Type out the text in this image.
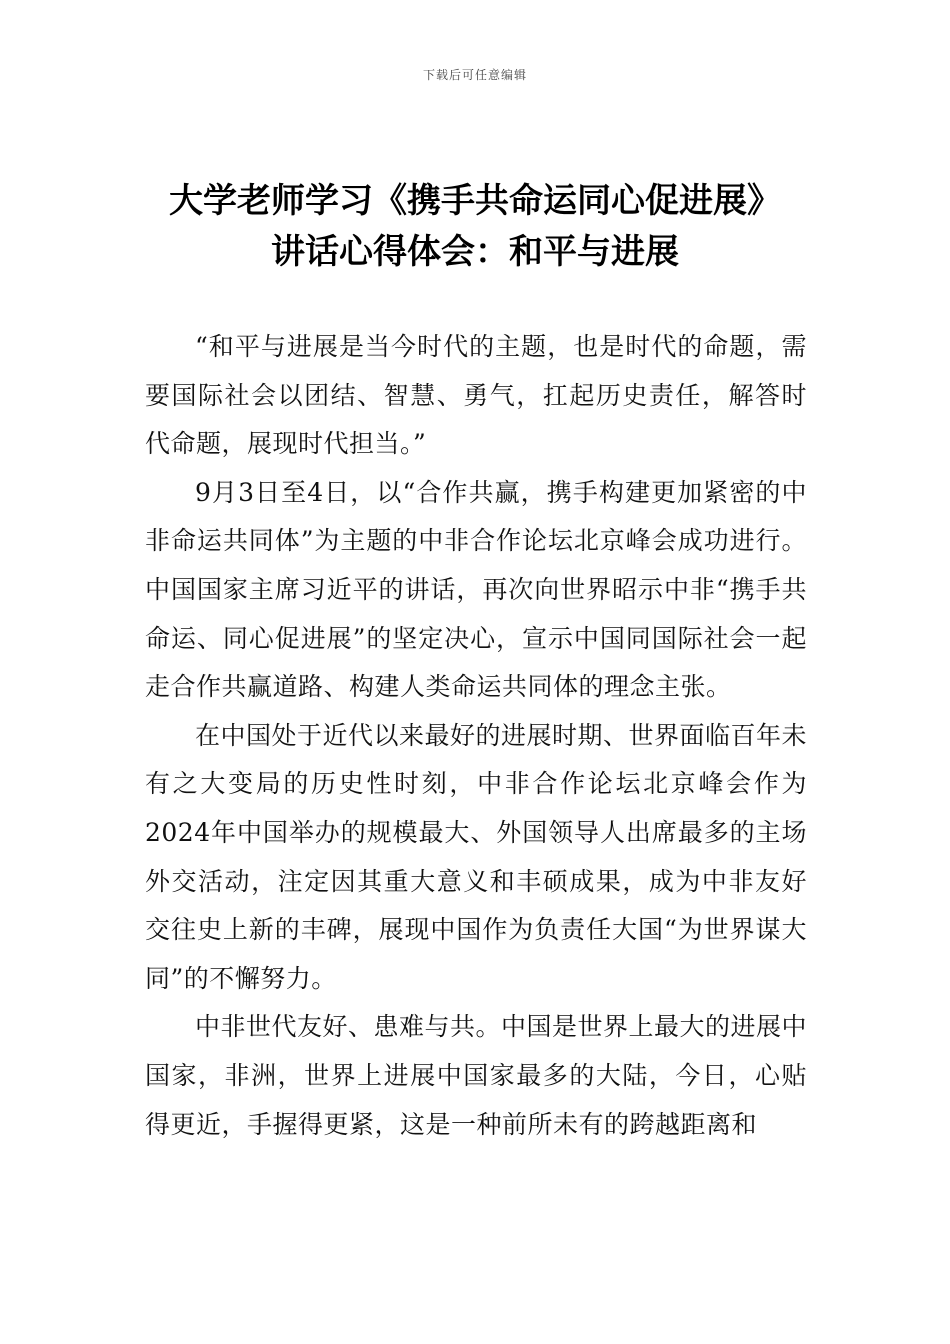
下载后可任意编辑
大学老师学习《携手共命运同心促进展》
讲话心得体会：和平与进展

“和平与进展是当今时代的主题，也是时代的命题，需要国际社会以团结、智慧、勇气，扛起历史责任，解答时代命题，展现时代担当。”

9月3日至4日，以“合作共赢，携手构建更加紧密的中非命运共同体”为主题的中非合作论坛北京峰会成功进行。中国国家主席习近平的讲话，再次向世界昭示中非“携手共命运、同心促进展”的坚定决心，宣示中国同国际社会一起走合作共赢道路、构建人类命运共同体的理念主张。

在中国处于近代以来最好的进展时期、世界面临百年未有之大变局的历史性时刻，中非合作论坛北京峰会作为2024年中国举办的规模最大、外国领导人出席最多的主场外交活动，注定因其重大意义和丰硕成果，成为中非友好交往史上新的丰碑，展现中国作为负责任大国“为世界谋大同”的不懈努力。

中非世代友好、患难与共。中国是世界上最大的进展中国家，非洲，世界上进展中国家最多的大陆，今日，心贴得更近，手握得更紧，这是一种前所未有的跨越距离和
